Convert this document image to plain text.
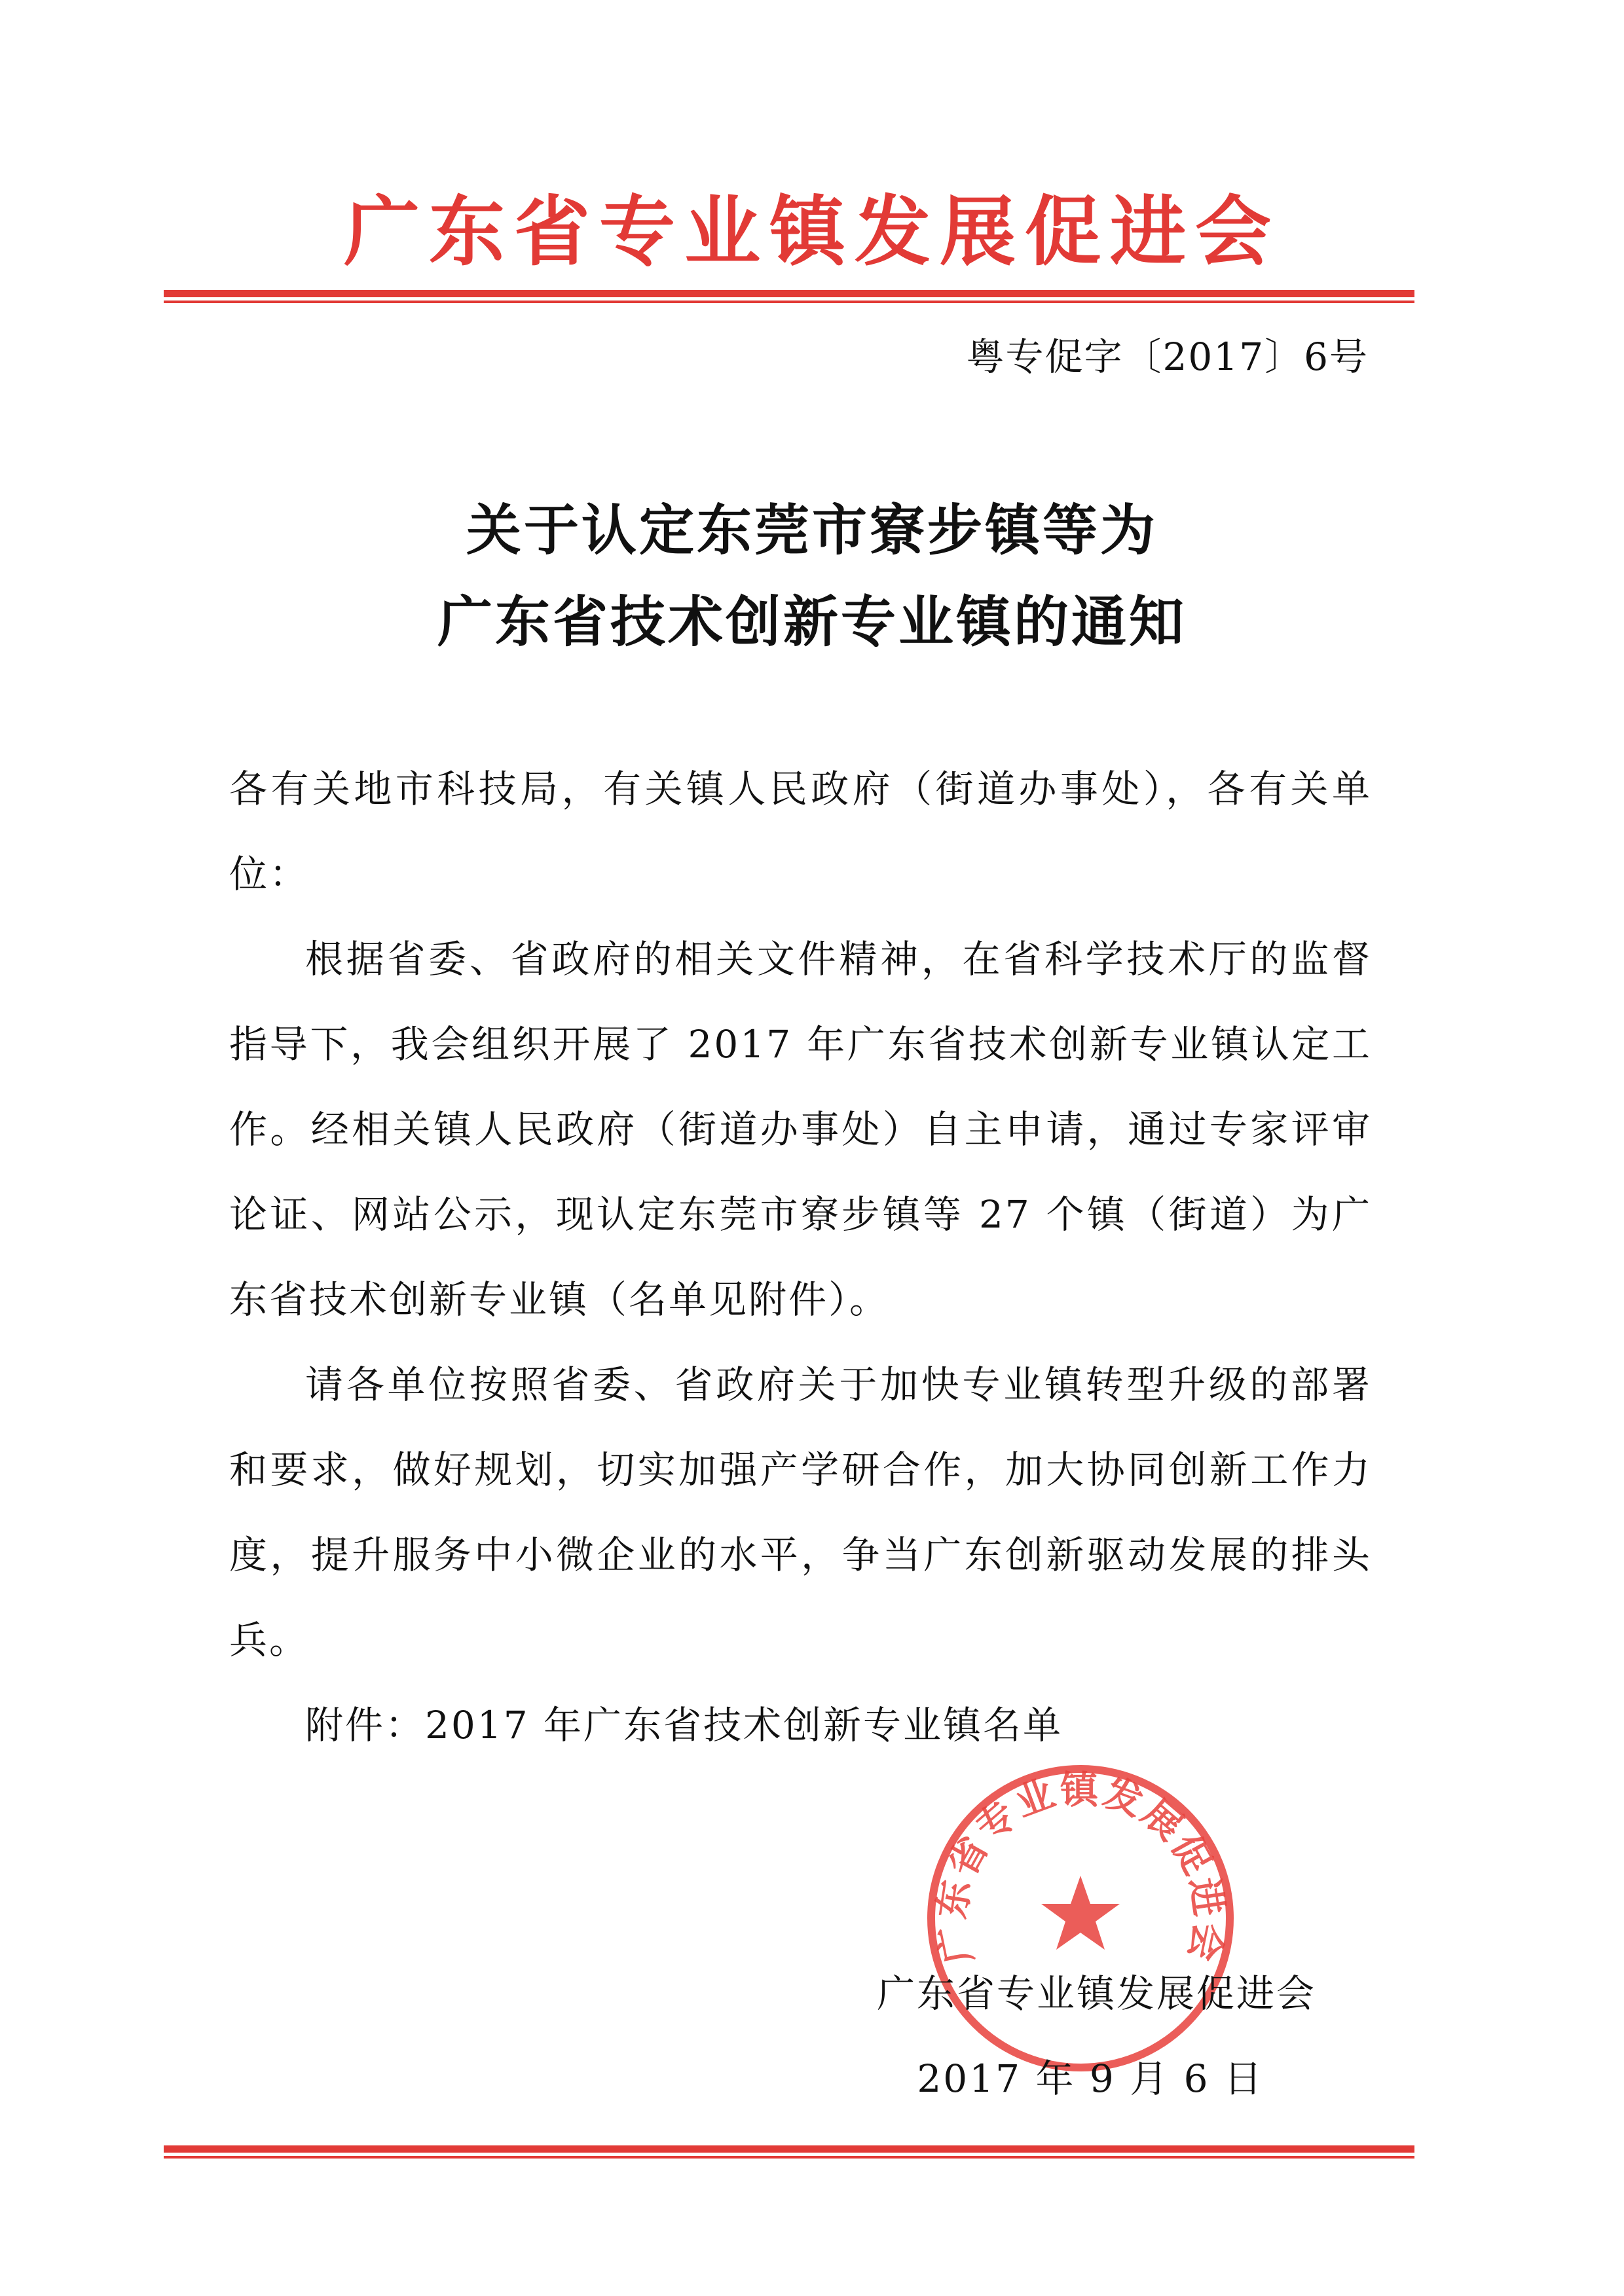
广东省专业镇发展促进会
粤专促字〔2017〕6号
关于认定东莞市寮步镇等为
广东省技术创新专业镇的通知

各有关地市科技局，有关镇人民政府（街道办事处），各有关单位：

根据省委、省政府的相关文件精神，在省科学技术厅的监督指导下，我会组织开展了 2017 年广东省技术创新专业镇认定工作。经相关镇人民政府（街道办事处）自主申请，通过专家评审论证、网站公示，现认定东莞市寮步镇等 27 个镇（街道）为广东省技术创新专业镇（名单见附件）。

请各单位按照省委、省政府关于加快专业镇转型升级的部署和要求，做好规划，切实加强产学研合作，加大协同创新工作力度，提升服务中小微企业的水平，争当广东创新驱动发展的排头兵。

附件：2017 年广东省技术创新专业镇名单

广东省专业镇发展促进会
广东省专业镇发展促进会
2017 年 9 月 6 日
